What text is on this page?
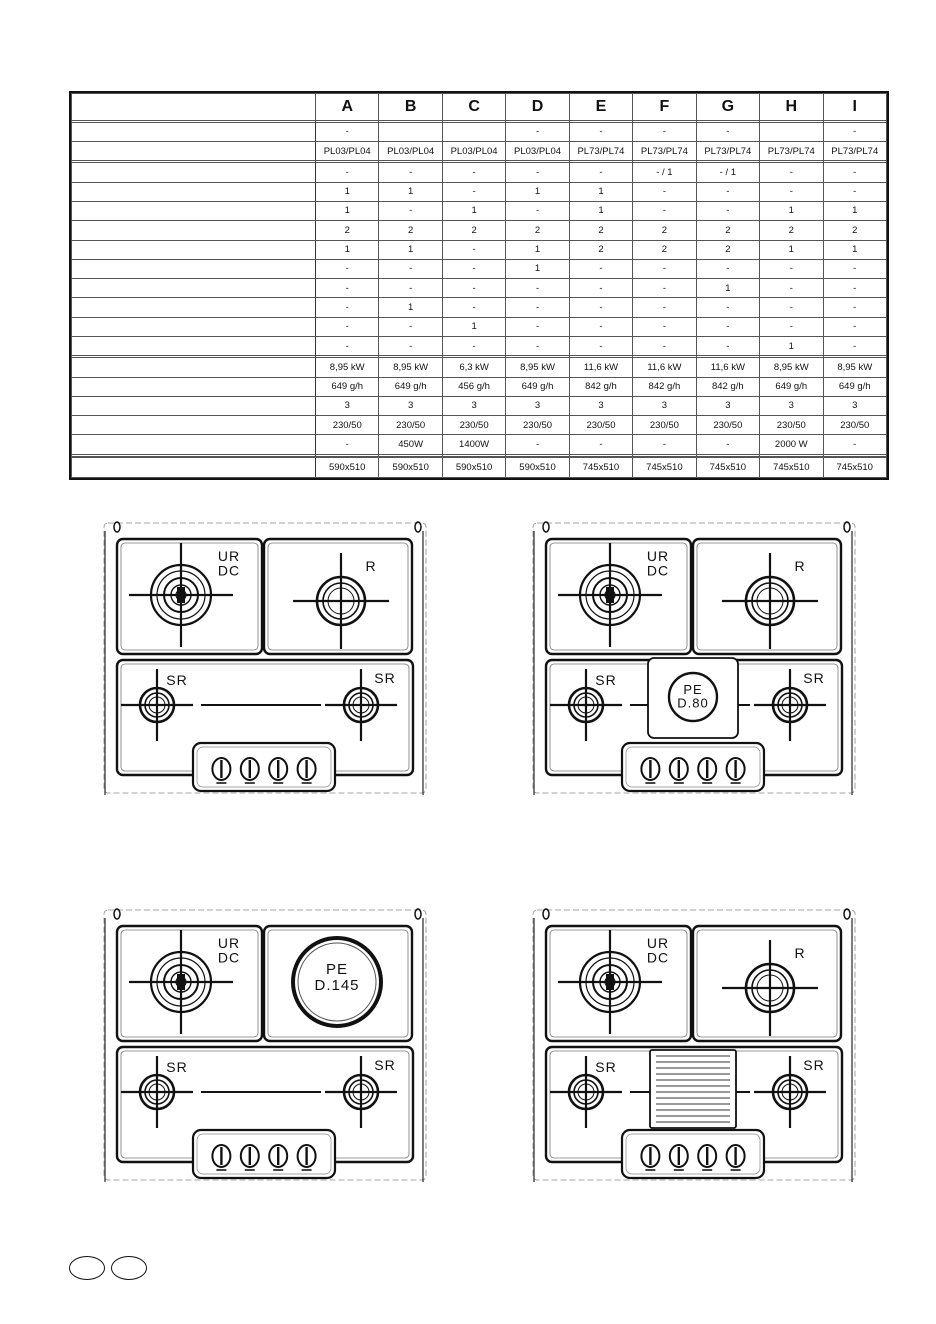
	A	B	C	D	E	F	G	H	I

	-			-	-	-	-		-
	PL03/PL04	PL03/PL04	PL03/PL04	PL03/PL04	PL73/PL74	PL73/PL74	PL73/PL74	PL73/PL74	PL73/PL74

	-	-	-	-	-	- / 1	- / 1	-	-
	1	1	-	1	1	-	-	-	-
	1	-	1	-	1	-	-	1	1
	2	2	2	2	2	2	2	2	2
	1	1	-	1	2	2	2	1	1
	-	-	-	1	-	-	-	-	-
	-	-	-	-	-	-	1	-	-
	-	1	-	-	-	-	-	-	-
	-	-	1	-	-	-	-	-	-
	-	-	-	-	-	-	-	1	-

	8,95 kW	8,95 kW	6,3 kW	8,95 kW	11,6 kW	11,6 kW	11,6 kW	8,95 kW	8,95 kW
	649 g/h	649 g/h	456 g/h	649 g/h	842 g/h	842 g/h	842 g/h	649 g/h	649 g/h
	3	3	3	3	3	3	3	3	3
	230/50	230/50	230/50	230/50	230/50	230/50	230/50	230/50	230/50
	-	450W	1400W	-	-	-	-	2000 W	-

	590x510	590x510	590x510	590x510	745x510	745x510	745x510	745x510	745x510
UR DC	R
SR	SR
UR DC	R
SR	SR
PE D.80
UR DC
PE D.145
SR	SR
UR DC	R
SR	SR
